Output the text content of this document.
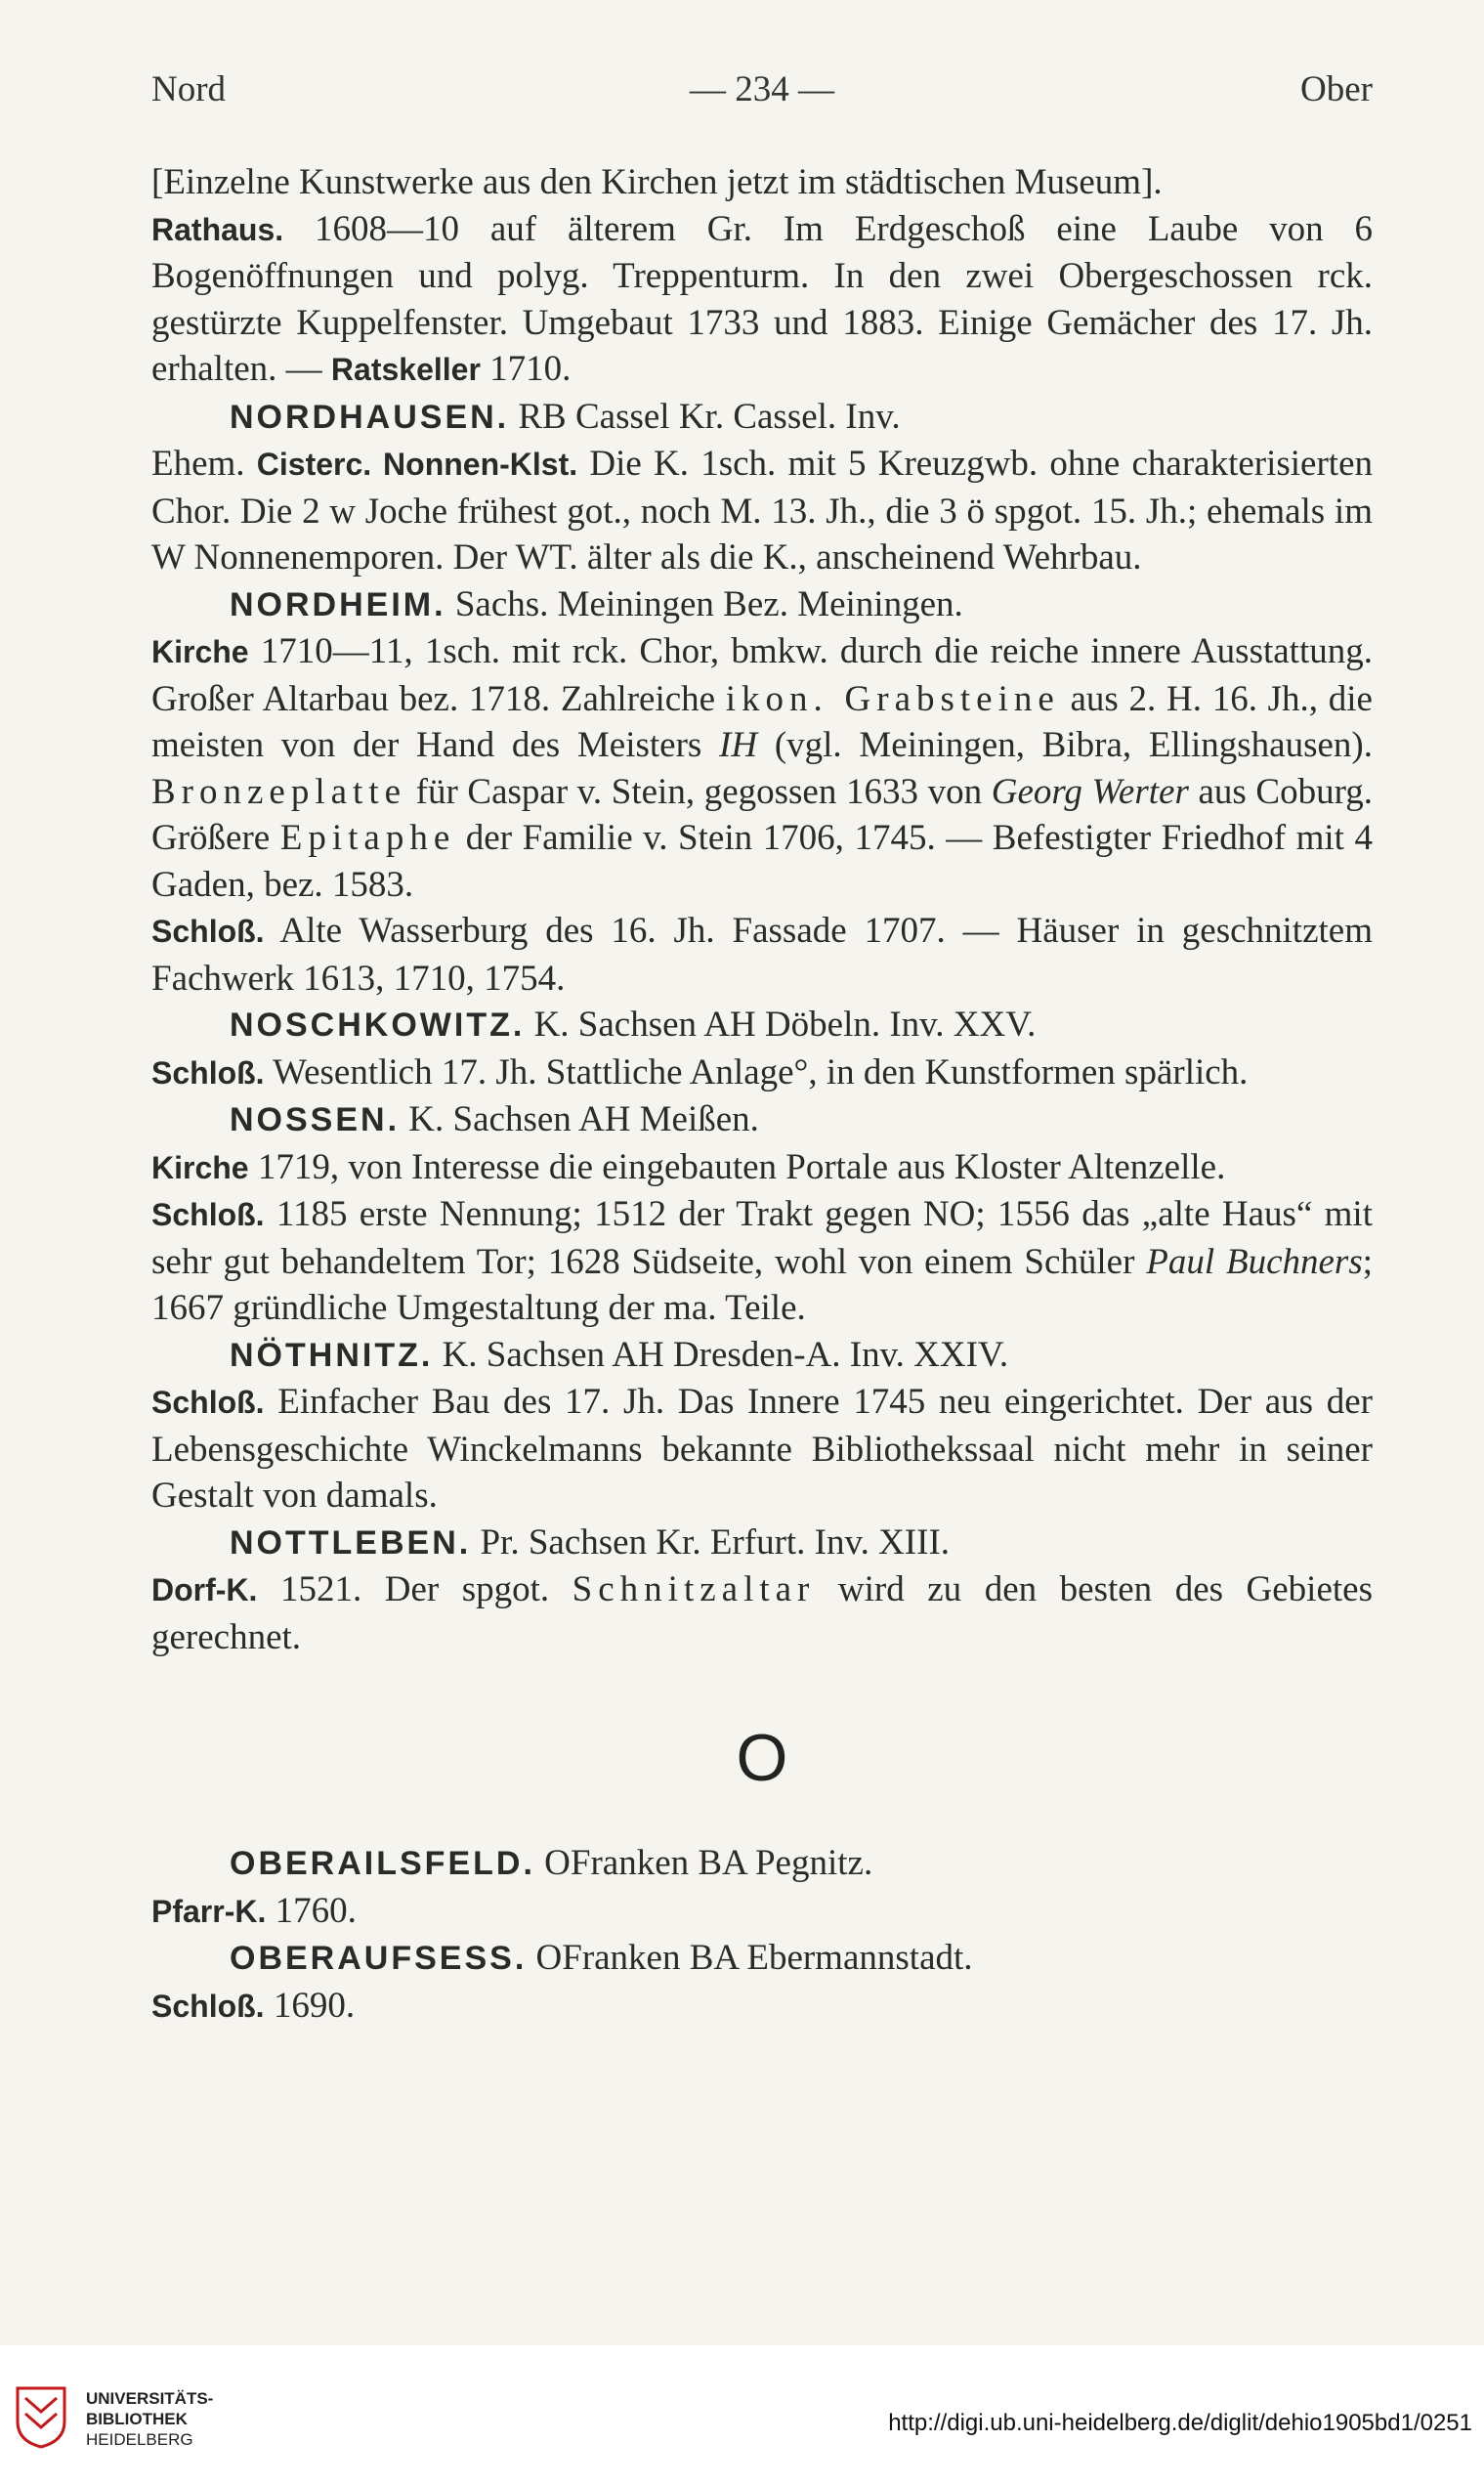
Nord	— 234 —	Ober

[Einzelne Kunstwerke aus den Kirchen jetzt im städtischen Museum].

Rathaus. 1608—10 auf älterem Gr. Im Erdgeschoß eine Laube von 6 Bogenöffnungen und polyg. Treppenturm. In den zwei Obergeschossen rck. gestürzte Kuppelfenster. Umgebaut 1733 und 1883. Einige Gemächer des 17. Jh. erhalten. — Ratskeller 1710.

NORDHAUSEN. RB Cassel Kr. Cassel. Inv.

Ehem. Cisterc. Nonnen-Klst. Die K. 1sch. mit 5 Kreuzgwb. ohne charakterisierten Chor. Die 2 w Joche frühest got., noch M. 13. Jh., die 3 ö spgot. 15. Jh.; ehemals im W Nonnenemporen. Der WT. älter als die K., anscheinend Wehrbau.

NORDHEIM. Sachs. Meiningen Bez. Meiningen.

Kirche 1710—11, 1sch. mit rck. Chor, bmkw. durch die reiche innere Ausstattung. Großer Altarbau bez. 1718. Zahlreiche ikon. Grabsteine aus 2. H. 16. Jh., die meisten von der Hand des Meisters IH (vgl. Meiningen, Bibra, Ellingshausen). Bronzeplatte für Caspar v. Stein, gegossen 1633 von Georg Werter aus Coburg. Größere Epitaphe der Familie v. Stein 1706, 1745. — Befestigter Friedhof mit 4 Gaden, bez. 1583.

Schloß. Alte Wasserburg des 16. Jh. Fassade 1707. — Häuser in geschnitztem Fachwerk 1613, 1710, 1754.

NOSCHKOWITZ. K. Sachsen AH Döbeln. Inv. XXV.

Schloß. Wesentlich 17. Jh. Stattliche Anlage°, in den Kunstformen spärlich.

NOSSEN. K. Sachsen AH Meißen.

Kirche 1719, von Interesse die eingebauten Portale aus Kloster Altenzelle.

Schloß. 1185 erste Nennung; 1512 der Trakt gegen NO; 1556 das „alte Haus“ mit sehr gut behandeltem Tor; 1628 Südseite, wohl von einem Schüler Paul Buchners; 1667 gründliche Umgestaltung der ma. Teile.

NÖTHNITZ. K. Sachsen AH Dresden-A. Inv. XXIV.

Schloß. Einfacher Bau des 17. Jh. Das Innere 1745 neu eingerichtet. Der aus der Lebensgeschichte Winckelmanns bekannte Bibliothekssaal nicht mehr in seiner Gestalt von damals.

NOTTLEBEN. Pr. Sachsen Kr. Erfurt. Inv. XIII.

Dorf-K. 1521. Der spgot. Schnitzaltar wird zu den besten des Gebietes gerechnet.

O

OBERAILSFELD. OFranken BA Pegnitz.

Pfarr-K. 1760.

OBERAUFSESS. OFranken BA Ebermannstadt.

Schloß. 1690.

UNIVERSITÄTS-
BIBLIOTHEK
HEIDELBERG
http://digi.ub.uni-heidelberg.de/diglit/dehio1905bd1/0251
